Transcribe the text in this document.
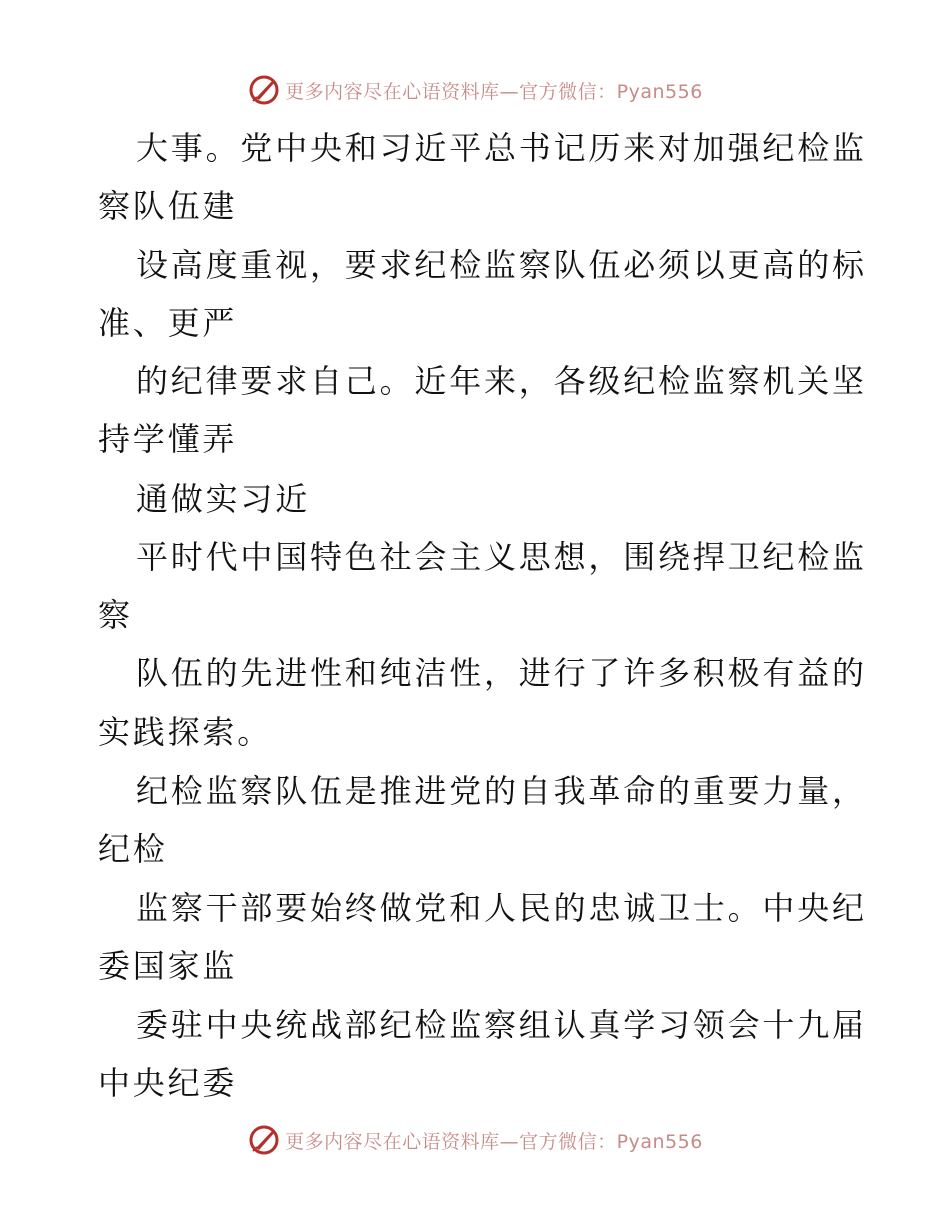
更多内容尽在心语资料库—官方微信：Pyan556
大事。党中央和习近平总书记历来对加强纪检监
察队伍建
设高度重视，要求纪检监察队伍必须以更高的标
准、更严
的纪律要求自己。近年来，各级纪检监察机关坚
持学懂弄
通做实习近
平时代中国特色社会主义思想，围绕捍卫纪检监
察
队伍的先进性和纯洁性，进行了许多积极有益的
实践探索。
纪检监察队伍是推进党的自我革命的重要力量，
纪检
监察干部要始终做党和人民的忠诚卫士。中央纪
委国家监
委驻中央统战部纪检监察组认真学习领会十九届
中央纪委
更多内容尽在心语资料库—官方微信：Pyan556
